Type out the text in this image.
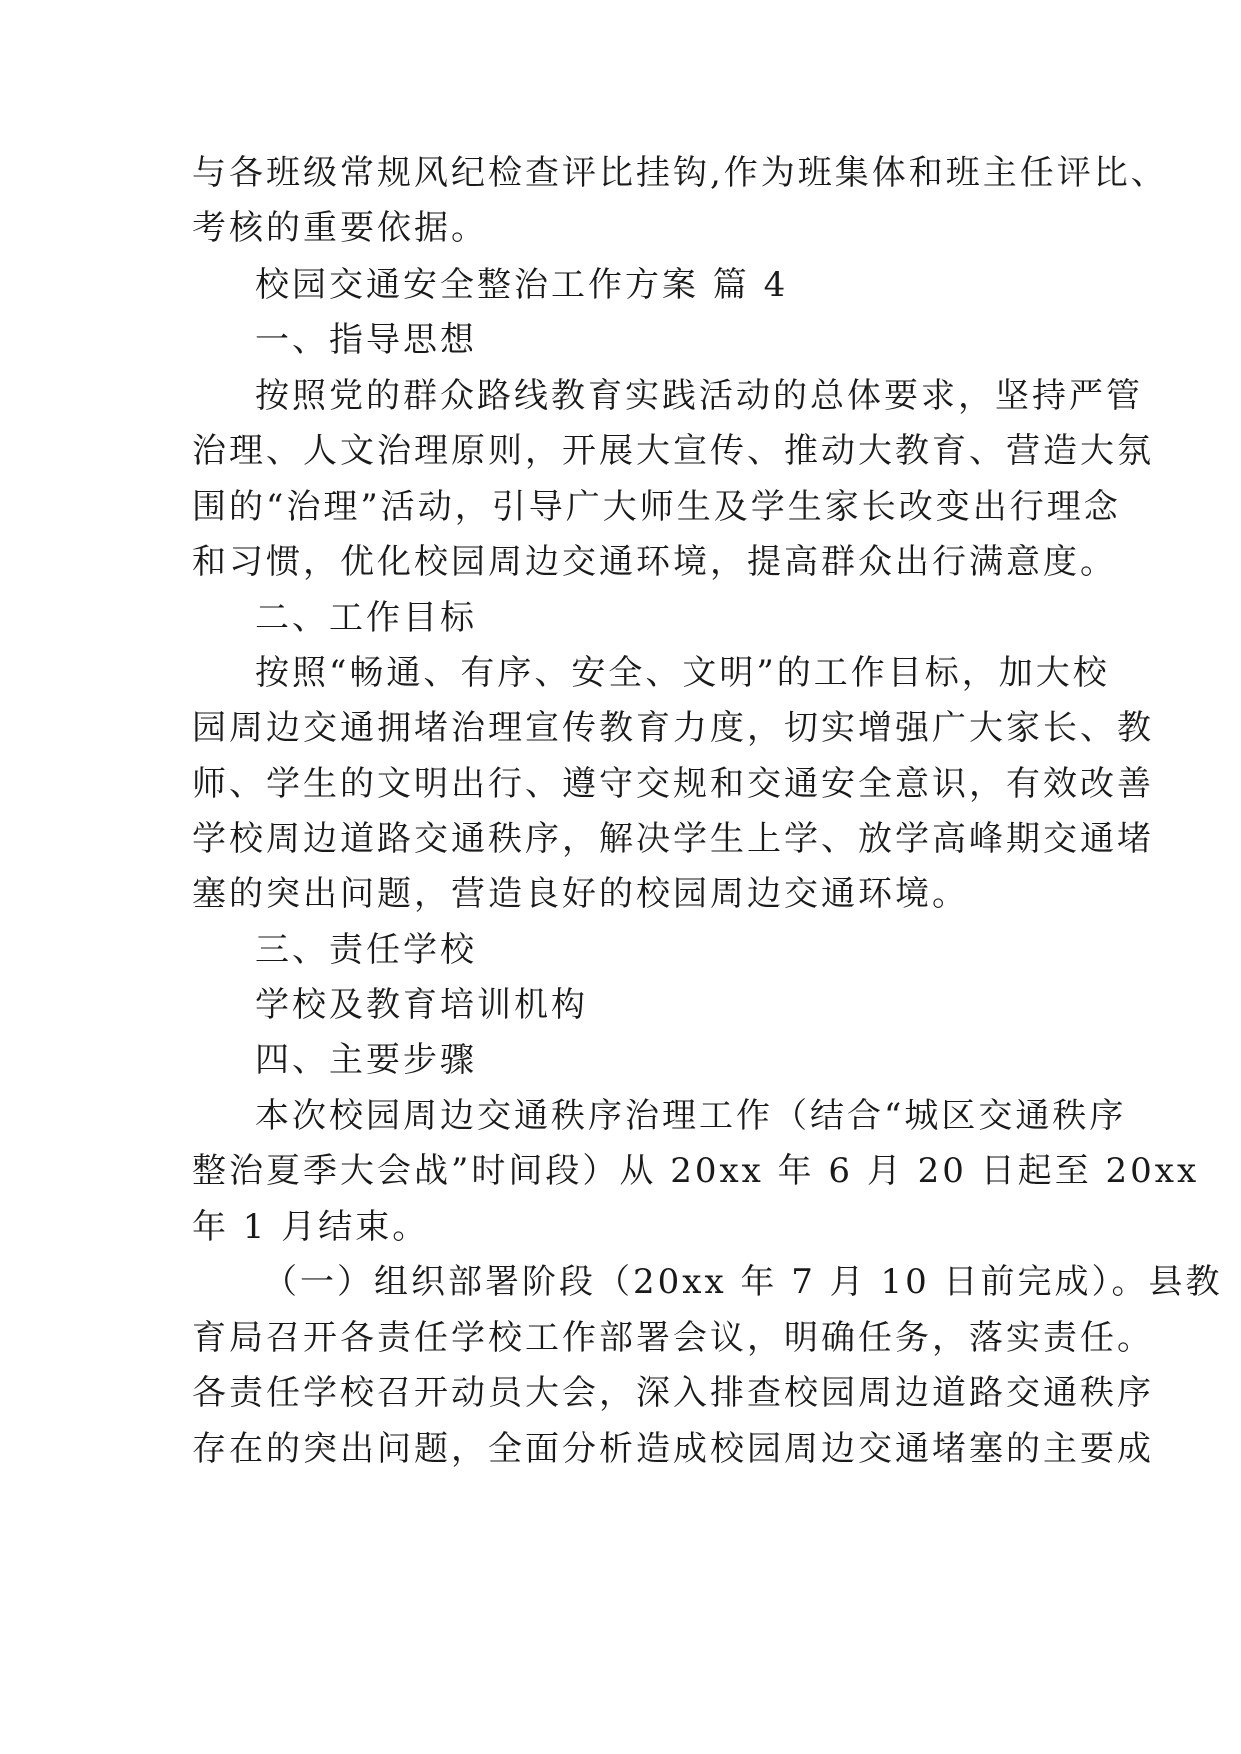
与各班级常规风纪检查评比挂钩,作为班集体和班主任评比、
考核的重要依据。
校园交通安全整治工作方案 篇 4
一、指导思想
按照党的群众路线教育实践活动的总体要求，坚持严管
治理、人文治理原则，开展大宣传、推动大教育、营造大氛
围的“治理”活动，引导广大师生及学生家长改变出行理念
和习惯，优化校园周边交通环境，提高群众出行满意度。
二、工作目标
按照“畅通、有序、安全、文明”的工作目标，加大校
园周边交通拥堵治理宣传教育力度，切实增强广大家长、教
师、学生的文明出行、遵守交规和交通安全意识，有效改善
学校周边道路交通秩序，解决学生上学、放学高峰期交通堵
塞的突出问题，营造良好的校园周边交通环境。
三、责任学校
学校及教育培训机构
四、主要步骤
本次校园周边交通秩序治理工作（结合“城区交通秩序
整治夏季大会战”时间段）从 20xx 年 6 月 20 日起至 20xx
年 1 月结束。
（一）组织部署阶段（20xx 年 7 月 10 日前完成）。县教
育局召开各责任学校工作部署会议，明确任务，落实责任。
各责任学校召开动员大会，深入排查校园周边道路交通秩序
存在的突出问题，全面分析造成校园周边交通堵塞的主要成
